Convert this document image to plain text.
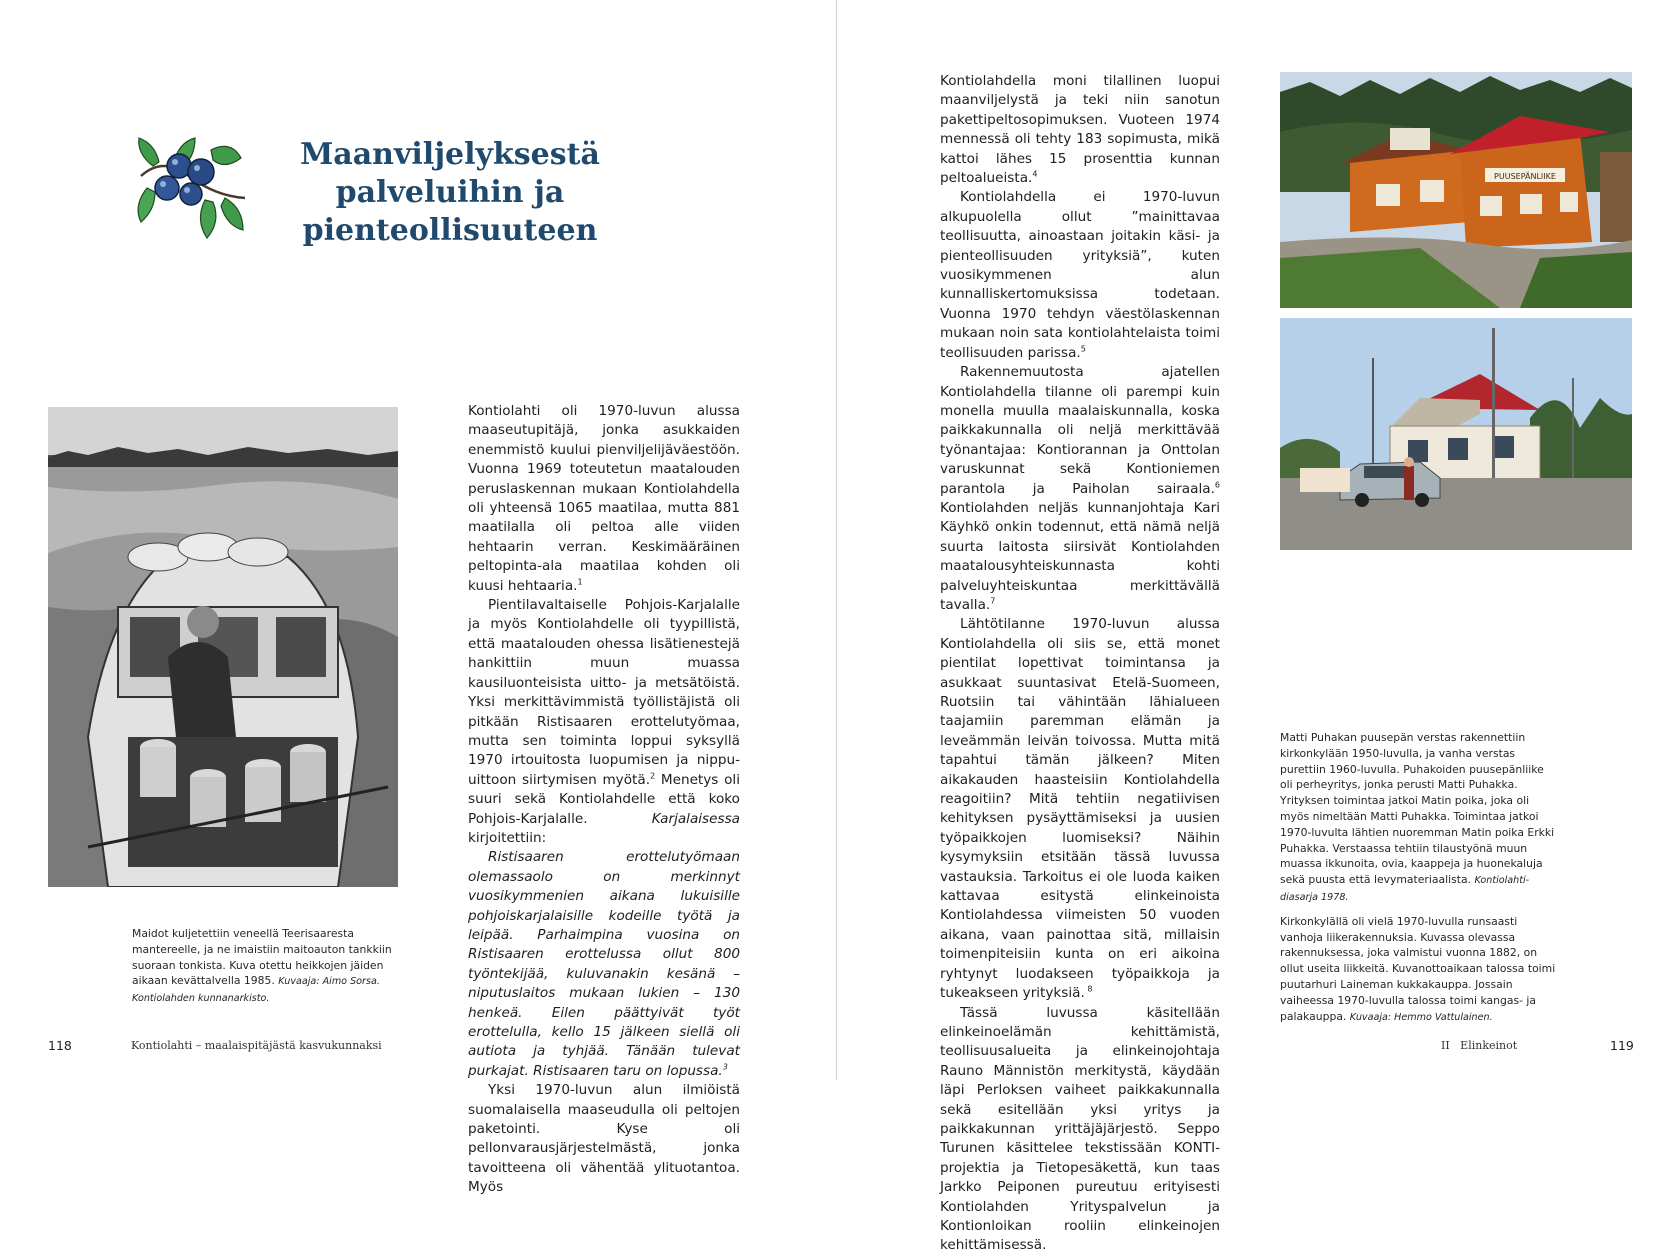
Maanviljelyksestä palveluihin ja pienteollisuuteen

Kontiolahti oli 1970-luvun alussa maaseutupitäjä, jonka asukkaiden enemmistö kuului pienviljelijäväestöön. Vuonna 1969 toteutetun maatalouden peruslaskennan mukaan Kontiolahdella oli yhteensä 1065 maatilaa, mutta 881 maatilalla oli peltoa alle viiden hehtaarin verran. Keskimääräinen peltopinta-ala maatilaa kohden oli kuusi hehtaaria.$^1$

Pientilavaltaiselle Pohjois-Karjalalle ja myös Kontiolahdelle oli tyypillistä, että maatalouden ohessa lisätienestejä hankittiin muun muassa kausiluonteisista uitto- ja metsätöistä. Yksi merkittävimmistä työllistäjistä oli pitkään Ristisaaren erottelutyömaa, mutta sen toiminta loppui syksyllä 1970 irtouitosta luopumisen ja nippu-uittoon siirtymisen myötä.$^2$ Menetys oli suuri sekä Kontiolahdelle että koko Pohjois-Karjalalle. Karjalaisessa kirjoitettiin:

Ristisaaren erottelutyömaan olemassaolo on merkinnyt vuosikymmenien aikana lukuisille pohjoiskarjalaisille kodeille työtä ja leipää. Parhaimpina vuosina on Ristisaaren erottelussa ollut 800 työntekijää, kuluvanakin kesänä – niputuslaitos mukaan lukien – 130 henkeä. Eilen päättyivät työt erottelulla, kello 15 jälkeen siellä oli autiota ja tyhjää. Tänään tulevat purkajat. Ristisaaren taru on lopussa.$^3$

Yksi 1970-luvun alun ilmiöistä suomalaisella maaseudulla oli peltojen paketointi. Kyse oli pellonvarausjärjestelmästä, jonka tavoitteena oli vähentää ylituotantoa. Myös

Kontiolahdella moni tilallinen luopui maanviljelystä ja teki niin sanotun pakettipeltosopimuksen. Vuoteen 1974 mennessä oli tehty 183 sopimusta, mikä kattoi lähes 15 prosenttia kunnan peltoalueista.$^4$

Kontiolahdella ei 1970-luvun alkupuolella ollut ”mainittavaa teollisuutta, ainoastaan joitakin käsi- ja pienteollisuuden yrityksiä”, kuten vuosikymmenen alun kunnalliskertomuksissa todetaan. Vuonna 1970 tehdyn väestölaskennan mukaan noin sata kontiolahtelaista toimi teollisuuden parissa.$^5$

Rakennemuutosta ajatellen Kontiolahdella tilanne oli parempi kuin monella muulla maalaiskunnalla, koska paikkakunnalla oli neljä merkittävää työnantajaa: Kontiorannan ja Onttolan varuskunnat sekä Kontioniemen parantola ja Paiholan sairaala.$^6$ Kontiolahden neljäs kunnanjohtaja Kari Käyhkö onkin todennut, että nämä neljä suurta laitosta siirsivät Kontiolahden maatalousyhteiskunnasta kohti palveluyhteiskuntaa merkittävällä tavalla.$^7$

Lähtötilanne 1970-luvun alussa Kontiolahdella oli siis se, että monet pientilat lopettivat toimintansa ja asukkaat suuntasivat Etelä-Suomeen, Ruotsiin tai vähintään lähialueen taajamiin paremman elämän ja leveämmän leivän toivossa. Mutta mitä tapahtui tämän jälkeen? Miten aikakauden haasteisiin Kontiolahdella reagoitiin? Mitä tehtiin negatiivisen kehityksen pysäyttämiseksi ja uusien työpaikkojen luomiseksi? Näihin kysymyksiin etsitään tässä luvussa vastauksia. Tarkoitus ei ole luoda kaiken kattavaa esitystä elinkeinoista Kontiolahdessa viimeisten 50 vuoden aikana, vaan painottaa sitä, millaisin toimenpiteisiin kunta on eri aikoina ryhtynyt luodakseen työpaikkoja ja tukeakseen yrityksiä. $^8$

Tässä luvussa käsitellään elinkeinoelämän kehittämistä, teollisuusalueita ja elinkeinojohtaja Rauno Männistön merkitystä, käydään läpi Perloksen vaiheet paikkakunnalla sekä esitellään yksi yritys ja paikkakunnan yrittäjäjärjestö. Seppo Turunen käsittelee tekstissään KONTI-projektia ja Tietopesäkettä, kun taas Jarkko Peiponen pureutuu erityisesti Kontiolahden Yrityspalvelun ja Kontionloikan rooliin elinkeinojen kehittämisessä.

PUUSEPÄNLIIKE

Maidot kuljetettiin veneellä Teerisaaresta mantereelle, ja ne imaistiin maitoauton tankkiin suoraan tonkista. Kuva otettu heikkojen jäiden aikaan kevättalvella 1985. Kuvaaja: Aimo Sorsa. Kontiolahden kunnanarkisto.

Matti Puhakan puusepän verstas rakennettiin kirkonkylään 1950-luvulla, ja vanha verstas purettiin 1960-luvulla. Puhakoiden puusepänliike oli perheyritys, jonka perusti Matti Puhakka. Yrityksen toimintaa jatkoi Matin poika, joka oli myös nimeltään Matti Puhakka. Toimintaa jatkoi 1970-luvulta lähtien nuoremman Matin poika Erkki Puhakka. Verstaassa tehtiin tilaustyönä muun muassa ikkunoita, ovia, kaappeja ja huonekaluja sekä puusta että levymateriaalista. Kontiolahti-diasarja 1978.

Kirkonkylällä oli vielä 1970-luvulla runsaasti vanhoja liikerakennuksia. Kuvassa olevassa rakennuksessa, joka valmistui vuonna 1882, on ollut useita liikkeitä. Kuvanottoaikaan talossa toimi puutarhuri Laineman kukkakauppa. Jossain vaiheessa 1970-luvulla talossa toimi kangas- ja palakauppa. Kuvaaja: Hemmo Vattulainen.

118	Kontiolahti – maalaispitäjästä kasvukunnaksi	II   Elinkeinot	119
